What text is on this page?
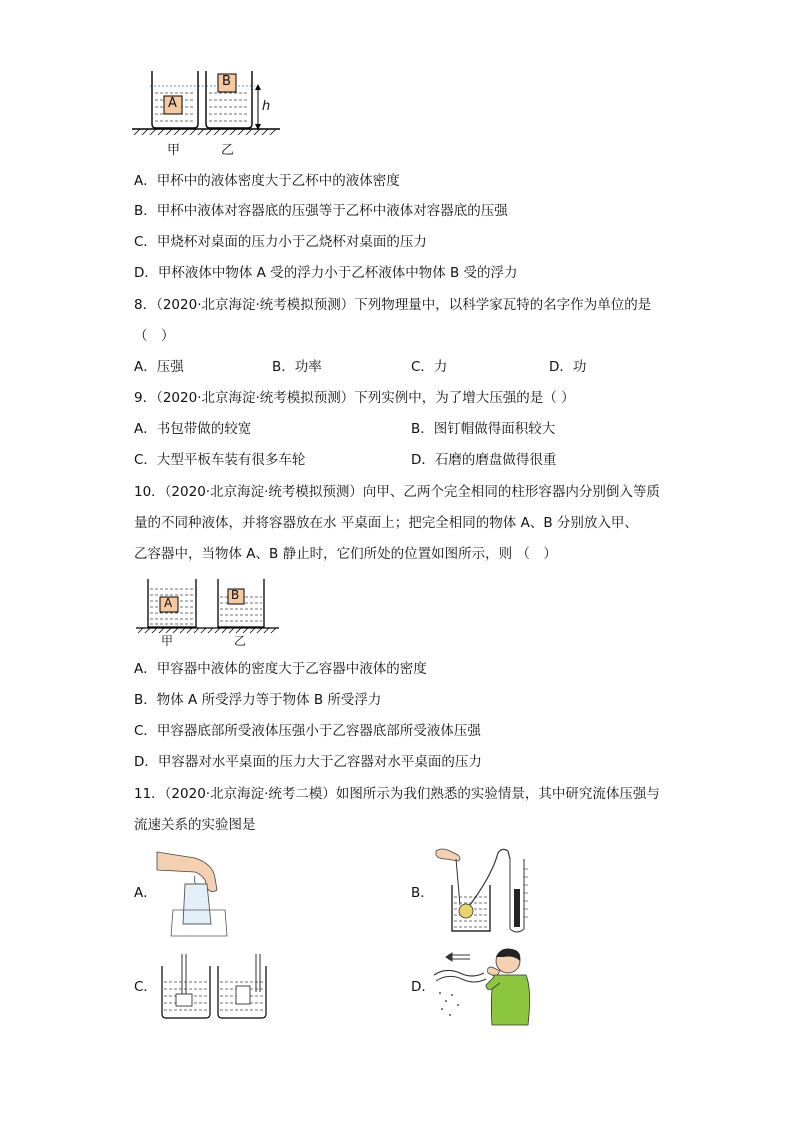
A
B
h
甲	乙
A．甲杯中的液体密度大于乙杯中的液体密度
B．甲杯中液体对容器底的压强等于乙杯中液体对容器底的压强
C．甲烧杯对桌面的压力小于乙烧杯对桌面的压力
D．甲杯液体中物体 A 受的浮力小于乙杯液体中物体 B 受的浮力
8．（2020·北京海淀·统考模拟预测）下列物理量中，以科学家瓦特的名字作为单位的是
（　）
A．压强	B．功率	C．力	D．功
9．（2020·北京海淀·统考模拟预测）下列实例中，为了增大压强的是（ ）
A．书包带做的较宽	B．图钉帽做得面积较大
C．大型平板车装有很多车轮	D．石磨的磨盘做得很重
10．（2020·北京海淀·统考模拟预测）向甲、乙两个完全相同的柱形容器内分别倒入等质
量的不同种液体，并将容器放在水 平桌面上；把完全相同的物体 A、B 分别放入甲、
乙容器中，当物体 A、B 静止时，它们所处的位置如图所示，则 （　）
A
B
甲	乙
A．甲容器中液体的密度大于乙容器中液体的密度
B．物体 A 所受浮力等于物体 B 所受浮力
C．甲容器底部所受液体压强小于乙容器底部所受液体压强
D．甲容器对水平桌面的压力大于乙容器对水平桌面的压力
11．（2020·北京海淀·统考二模）如图所示为我们熟悉的实验情景，其中研究流体压强与
流速关系的实验图是
A．	B．
C．	D．
